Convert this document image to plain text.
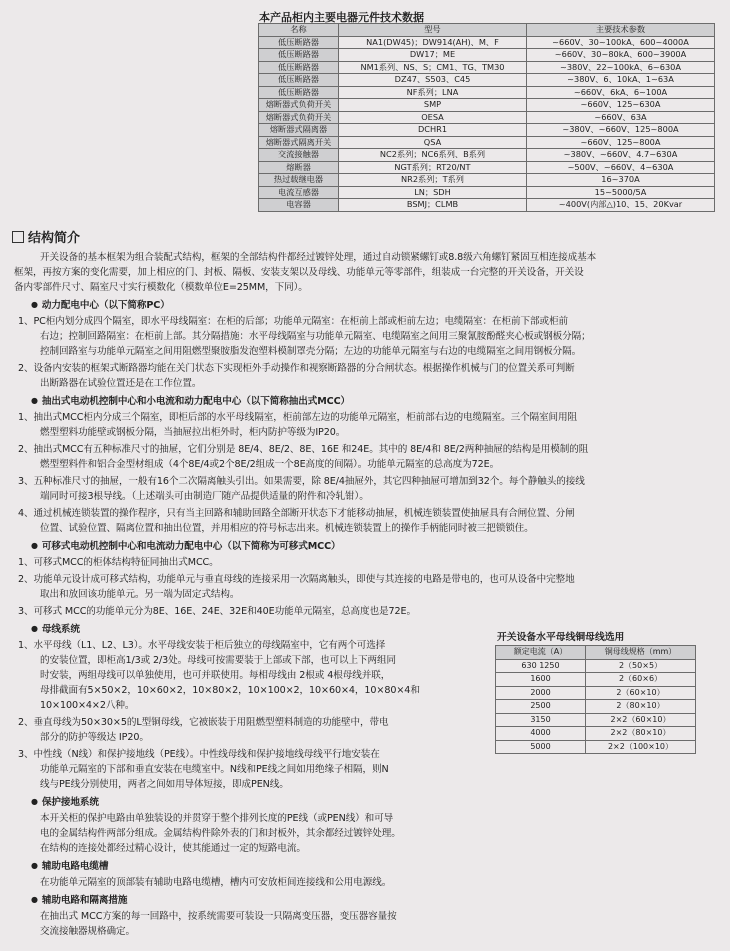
本产品柜内主要电器元件技术数据
名称	型号	主要技术参数
低压断路器	NA1(DW45)；DW914(AH)、M、F	~660V、30~100kA、600~4000A
低压断路器	DW17；ME	~660V、30~80kA、600~3900A
低压断路器	NM1系列、NS、S；CM1、TG、TM30	~380V、22~100kA、6~630A
低压断路器	DZ47、S503、C45	~380V、6、10kA、1~63A
低压断路器	NF系列；LNA	~660V、6kA、6~100A
熔断器式负荷开关	SMP	~660V、125~630A
熔断器式负荷开关	OESA	~660V、63A
熔断器式隔离器	DCHR1	~380V、~660V、125~800A
熔断器式隔离开关	QSA	~660V、125~800A
交流接触器	NC2系列；NC6系列、B系列	~380V、~660V、4.7~630A
熔断器	NGT系列；RT20/NT	~500V、~660V、4~630A
热过载继电器	NR2系列；T系列	16~370A
电流互感器	LN；SDH	15~5000/5A
电容器	BSMJ；CLMB	~400V(内部△)10、15、20Kvar
结构简介
开关设备的基本框架为组合装配式结构，框架的全部结构件都经过镀锌处理，通过自动锁紧螺钉或8.8级六角螺钉紧固互相连接成基本
框架，再按方案的变化需要，加上相应的门、封板、隔板、安装支架以及母线、功能单元等零部件，组装成一台完整的开关设备，开关设
备内零部件尺寸、隔室尺寸实行模数化（模数单位E=25MM，下同）。
● 动力配电中心（以下简称PC）
1、PC柜内划分成四个隔室，即水平母线隔室：在柜的后部；功能单元隔室：在柜前上部或柜前左边；电缆隔室：在柜前下部或柜前
右边；控制回路隔室：在柜前上部。其分隔措施：水平母线隔室与功能单元隔室、电缆隔室之间用三聚氰胺酚醛夹心板或钢板分隔；
控制回路室与功能单元隔室之间用阻燃型聚胺脂发泡塑料模制罩壳分隔；左边的功能单元隔室与右边的电缆隔室之间用钢板分隔。
2、设备内安装的框架式断路器均能在关门状态下实现柜外手动操作和视察断路器的分合闸状态。根据操作机械与门的位置关系可判断
出断路器在试验位置还是在工作位置。
● 抽出式电动机控制中心和小电流和动力配电中心（以下简称抽出式MCC）
1、抽出式MCC柜内分成三个隔室，即柜后部的水平母线隔室，柜前部左边的功能单元隔室，柜前部右边的电缆隔室。三个隔室间用阻
燃型塑料功能壁或钢板分隔，当抽屉拉出柜外时，柜内防护等级为IP20。
2、抽出式MCC有五种标准尺寸的抽屉，它们分别是 8E/4、8E/2、8E、16E 和24E。其中的 8E/4和 8E/2两种抽屉的结构是用模制的阻
燃型塑料件和铝合金型材组成（4个8E/4或2个8E/2组成一个8E高度的间隔）。功能单元隔室的总高度为72E。
3、五种标准尺寸的抽屉，一般有16个二次隔离触头引出。如果需要，除 8E/4抽屉外，其它四种抽屉可增加到32个。每个静触头的接线
端同时可接3根导线。（上述端头可由制造厂随产品提供适量的附件和冷轧钳）。
4、通过机械连锁装置的操作程序，只有当主回路和辅助回路全部断开状态下才能移动抽屉，机械连锁装置使抽屉具有合闸位置、分闸
位置、试验位置、隔离位置和抽出位置，并用相应的符号标志出来。机械连锁装置上的操作手柄能同时被三把锁锁住。
● 可移式电动机控制中心和电流动力配电中心（以下简称为可移式MCC）
1、可移式MCC的柜体结构特征同抽出式MCC。
2、功能单元设计成可移式结构，功能单元与垂直母线的连接采用一次隔离触头，即使与其连接的电路是带电的，也可从设备中完整地
取出和放回该功能单元。另一端为固定式结构。
3、可移式 MCC的功能单元分为8E、16E、24E、32E和40E功能单元隔室，总高度也是72E。
● 母线系统
1、水平母线（L1、L2、L3）。水平母线安装于柜后独立的母线隔室中，它有两个可选择
的安装位置，即柜高1/3或 2/3处。母线可按需要装于上部或下部，也可以上下两组同
时安装，两组母线可以单独使用，也可并联使用。每相母线由 2根或 4根母线并联，
母排截面有5×50×2，10×60×2，10×80×2，10×100×2，10×60×4，10×80×4和
10×100×4×2八种。
2、垂直母线为50×30×5的L型铜母线，它被嵌装于用阻燃型塑料制造的功能壁中，带电
部分的防护等级达 IP20。
3、中性线（N线）和保护接地线（PE线）。中性线母线和保护接地线母线平行地安装在
功能单元隔室的下部和垂直安装在电缆室中。N线和PE线之间如用绝缘子相隔，则N
线与PE线分别使用，两者之间如用导体短接，即成PEN线。
● 保护接地系统
本开关柜的保护电路由单独装设的并贯穿于整个排列长度的PE线（或PEN线）和可导
电的金属结构件两部分组成。金属结构件除外表的门和封板外，其余都经过镀锌处理。
在结构的连接处都经过精心设计，使其能通过一定的短路电流。
● 辅助电路电缆槽
在功能单元隔室的顶部装有辅助电路电缆槽，槽内可安放柜间连接线和公用电源线。
● 辅助电路和隔离措施
在抽出式 MCC方案的每一回路中，按系统需要可装设一只隔离变压器，变压器容量按
交流接触器规格确定。
开关设备水平母线铜母线选用
额定电流（A）	铜母线规格（mm）
630 1250	2（50×5）
1600	2（60×6）
2000	2（60×10）
2500	2（80×10）
3150	2×2（60×10）
4000	2×2（80×10）
5000	2×2（100×10）
